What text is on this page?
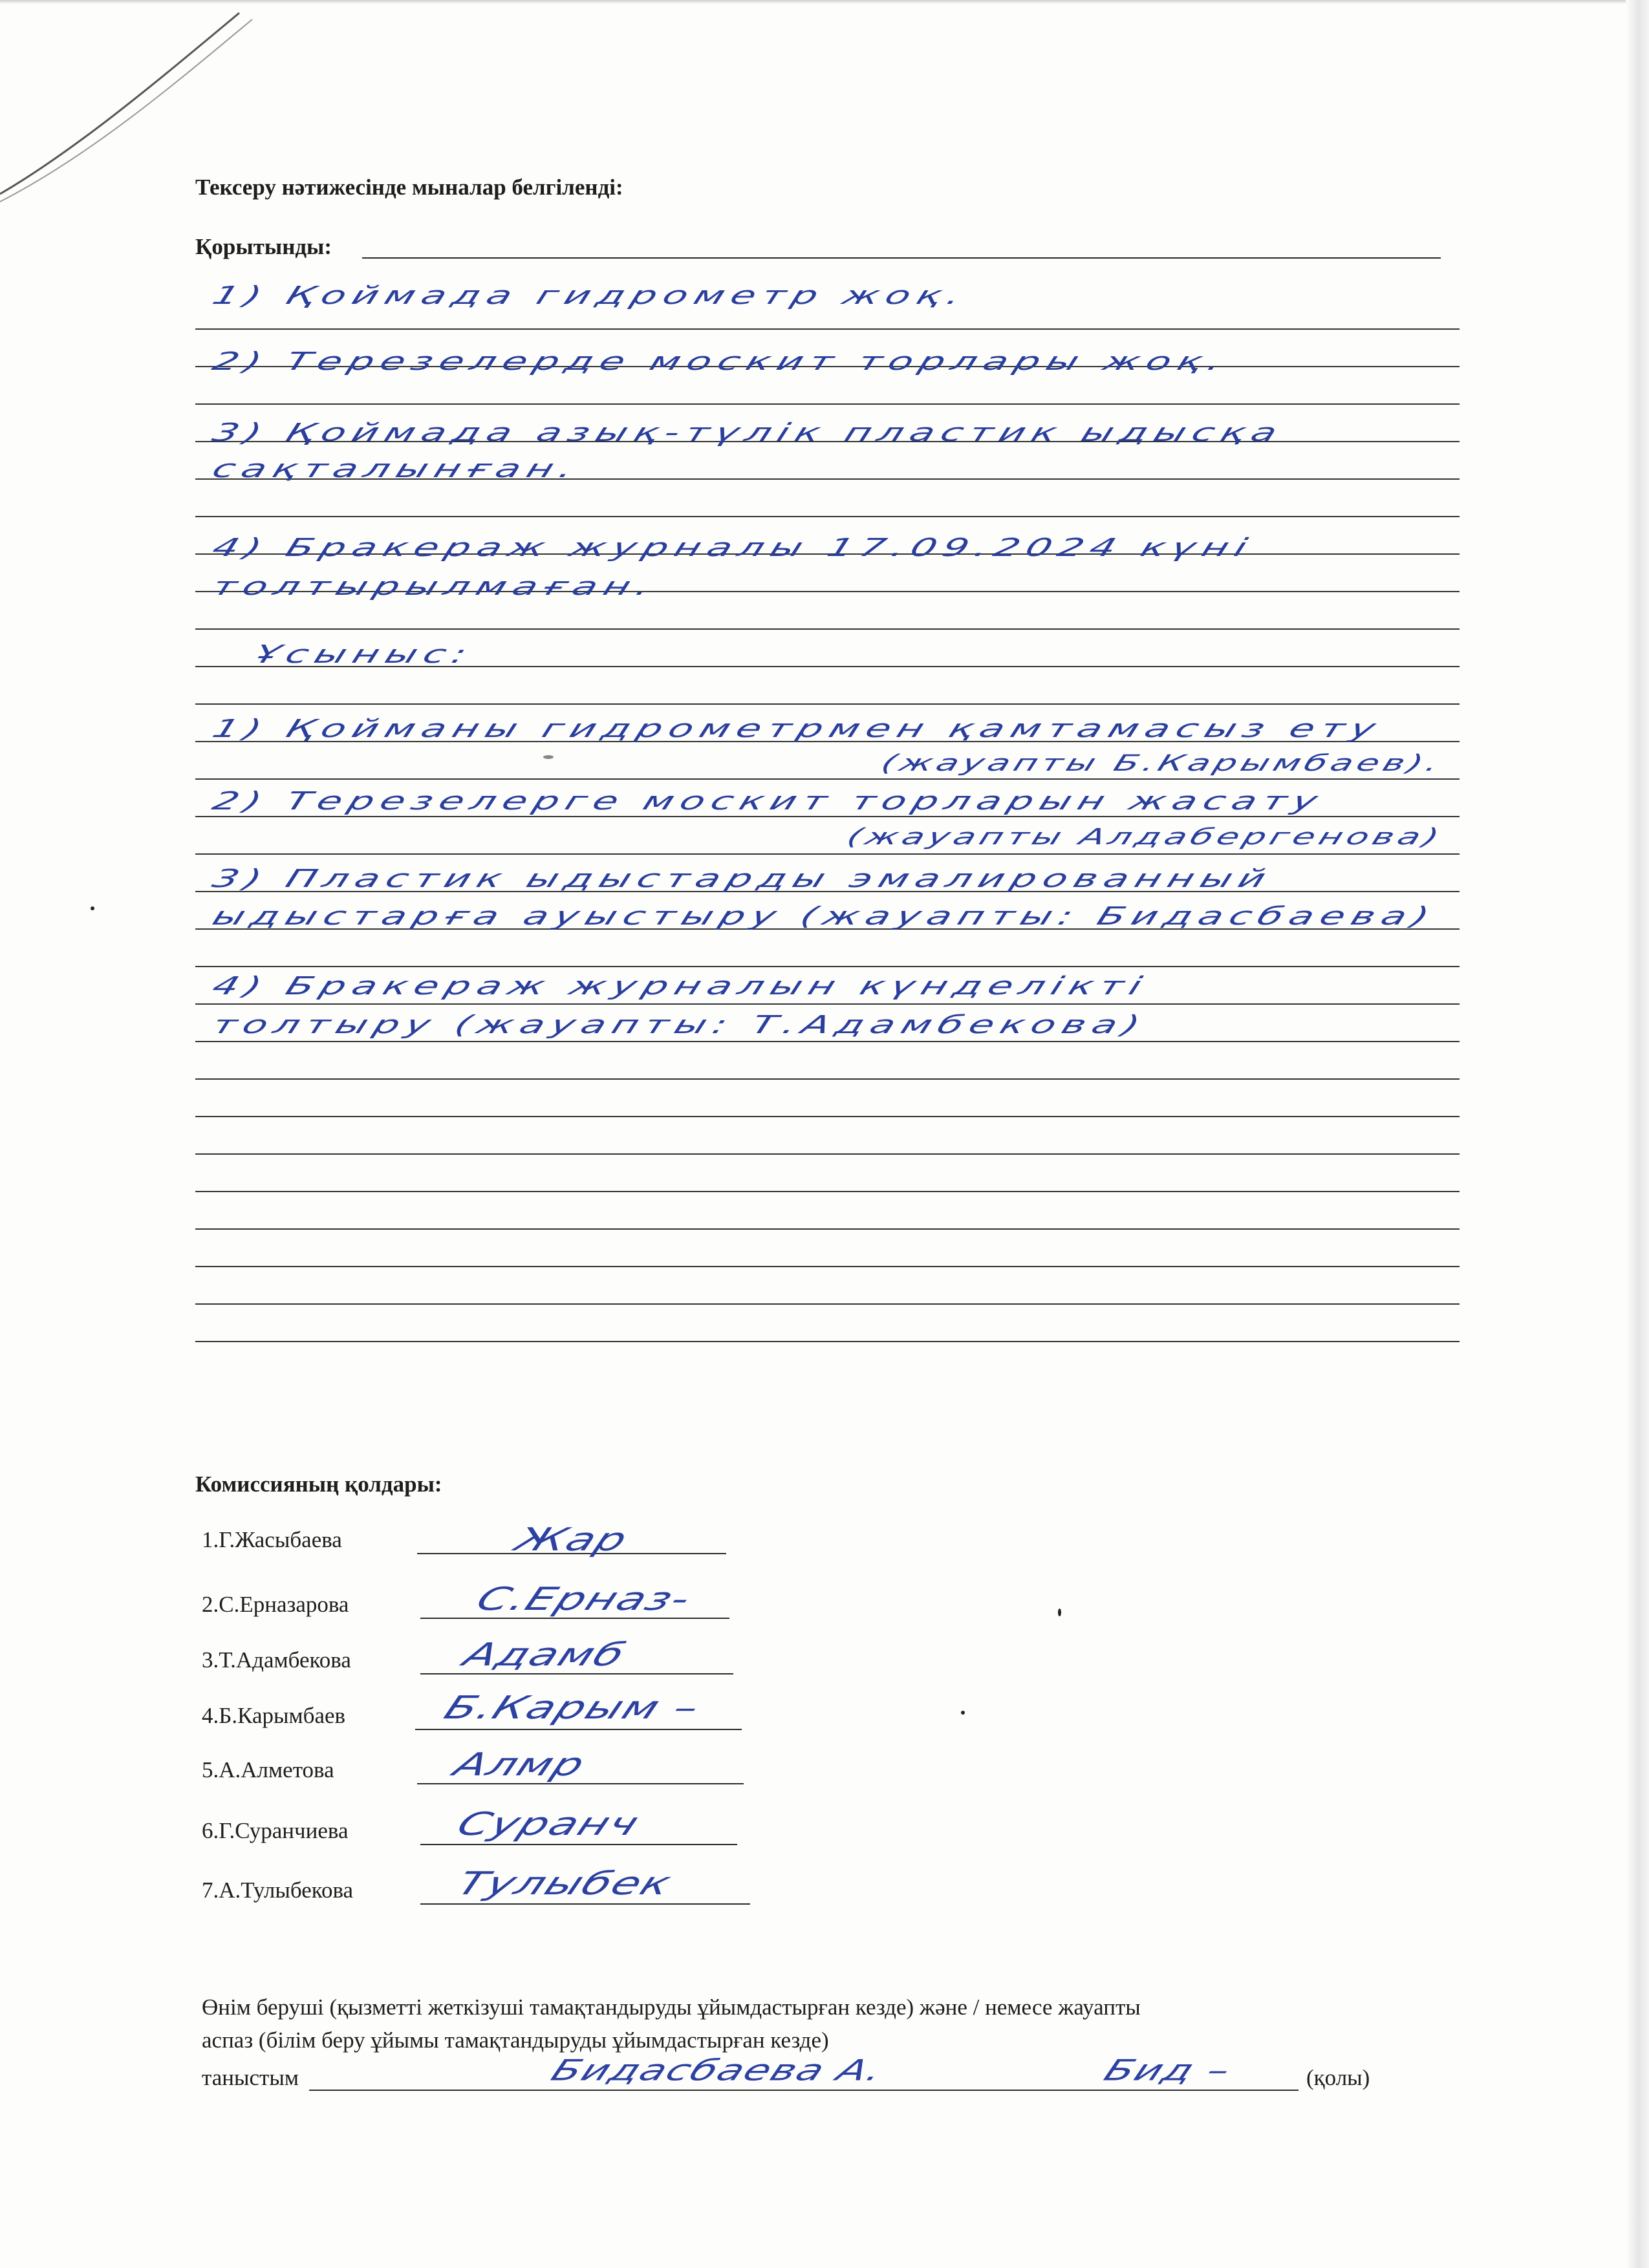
Тексеру нәтижесінде мыналар белгіленді:
Қорытынды:
1) Қоймада гидрометр жоқ.
2) Терезелерде москит торлары жоқ.
3) Қоймада азық-түлік пластик ыдысқа
сақталынған.
4) Бракераж журналы 17.09.2024 күні
толтырылмаған.
Ұсыныс:
1) Қойманы гидрометрмен қамтамасыз ету
(жауапты Б.Карымбаев).
2) Терезелерге москит торларын жасату
(жауапты Алдабергенова)
3) Пластик ыдыстарды эмалированный
ыдыстарға ауыстыру (жауапты: Бидасбаева)
4) Бракераж журналын күнделікті
толтыру (жауапты: Т.Адамбекова)
Комиссияның қолдары:
1.Г.Жасыбаева	Жар
2.С.Ерназарова	С.Ерназ-
3.Т.Адамбекова Адамб
4.Б.Карымбаев Б.Карым –
5.А.Алметова	Алмр
6.Г.Суранчиева Суранч
7.А.Тулыбекова Тулыбек
Өнім беруші (қызметті жеткізуші тамақтандыруды ұйымдастырған кезде) және / немесе жауапты
аспаз (білім беру ұйымы тамақтандыруды ұйымдастырған кезде)
таныстым	Бидасбаева А.	Бид –	(қолы)
